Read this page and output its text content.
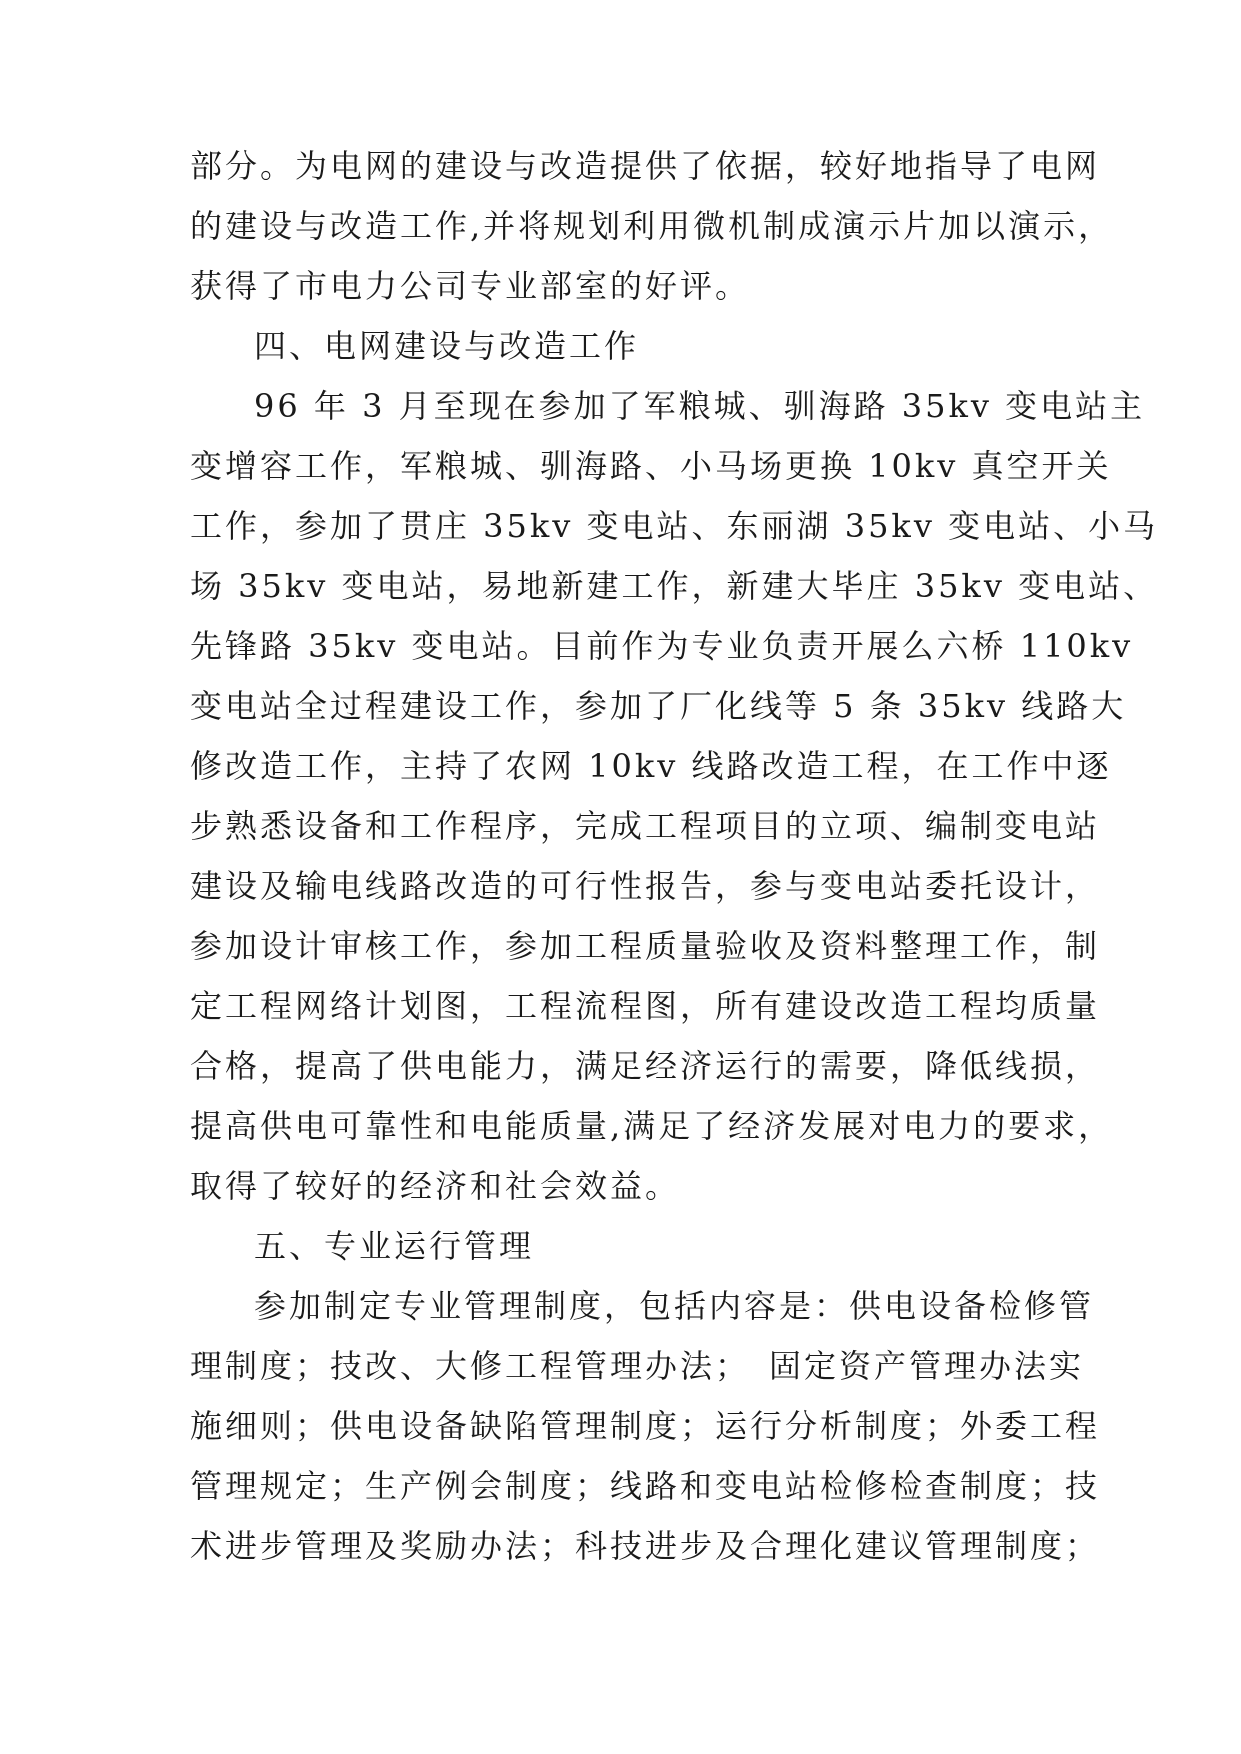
部分。为电网的建设与改造提供了依据，较好地指导了电网
的建设与改造工作,并将规划利用微机制成演示片加以演示，
获得了市电力公司专业部室的好评。
四、电网建设与改造工作
96 年 3 月至现在参加了军粮城、驯海路 35kv 变电站主
变增容工作，军粮城、驯海路、小马场更换 10kv 真空开关
工作，参加了贯庄 35kv 变电站、东丽湖 35kv 变电站、小马
场 35kv 变电站，易地新建工作，新建大毕庄 35kv 变电站、
先锋路 35kv 变电站。目前作为专业负责开展么六桥 110kv
变电站全过程建设工作，参加了厂化线等 5 条 35kv 线路大
修改造工作，主持了农网 10kv 线路改造工程，在工作中逐
步熟悉设备和工作程序，完成工程项目的立项、编制变电站
建设及输电线路改造的可行性报告，参与变电站委托设计，
参加设计审核工作，参加工程质量验收及资料整理工作，制
定工程网络计划图，工程流程图，所有建设改造工程均质量
合格，提高了供电能力，满足经济运行的需要，降低线损，
提高供电可靠性和电能质量,满足了经济发展对电力的要求，
取得了较好的经济和社会效益。
五、专业运行管理
参加制定专业管理制度，包括内容是：供电设备检修管
理制度；技改、大修工程管理办法；　固定资产管理办法实
施细则；供电设备缺陷管理制度；运行分析制度；外委工程
管理规定；生产例会制度；线路和变电站检修检查制度；技
术进步管理及奖励办法；科技进步及合理化建议管理制度；
